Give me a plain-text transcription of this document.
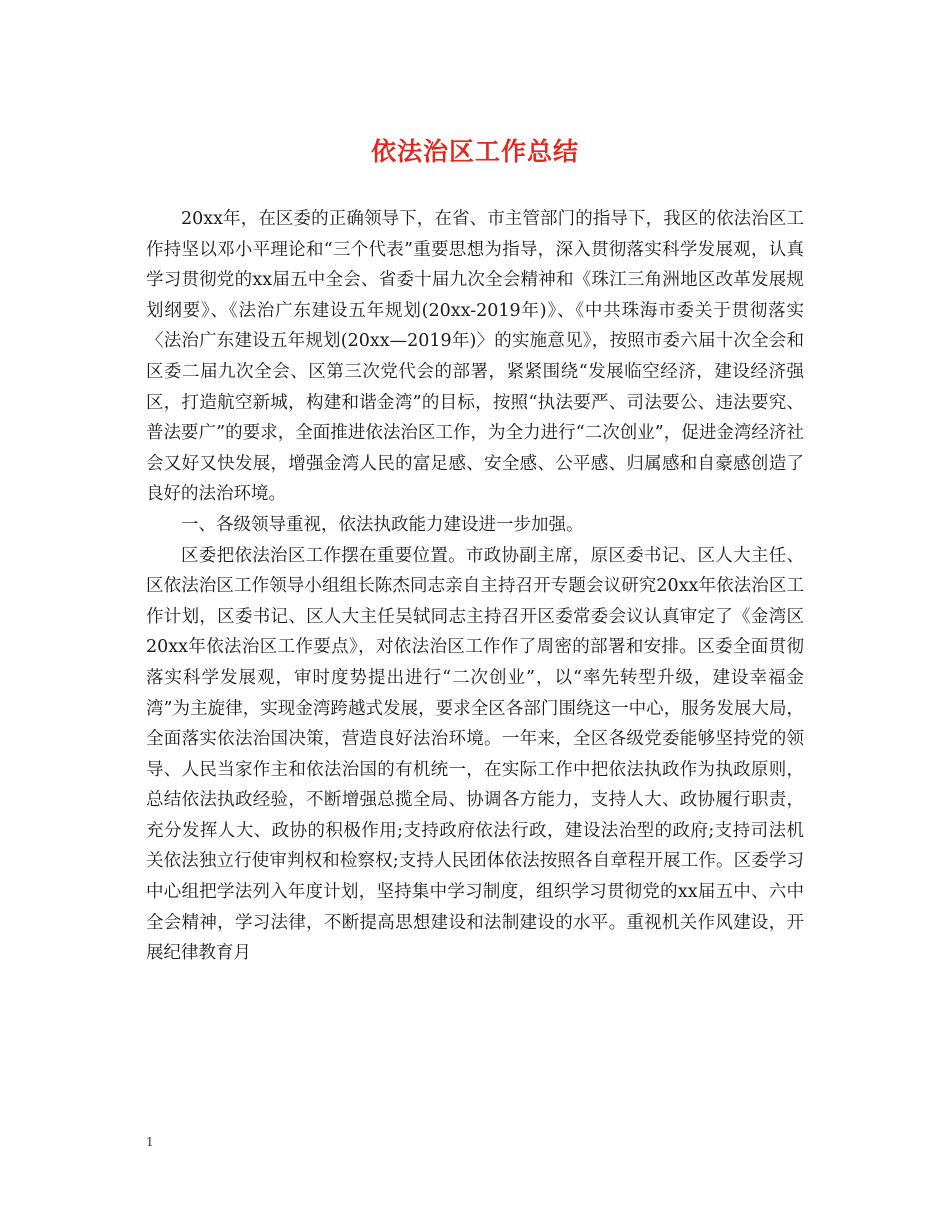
依法治区工作总结

20xx年，在区委的正确领导下，在省、市主管部门的指导下，我区的依法治区工作持坚以邓小平理论和“三个代表”重要思想为指导，深入贯彻落实科学发展观，认真学习贯彻党的xx届五中全会、省委十届九次全会精神和《珠江三角洲地区改革发展规划纲要》、《法治广东建设五年规划(20xx-2019年)》、《中共珠海市委关于贯彻落实〈法治广东建设五年规划(20xx—2019年)〉的实施意见》，按照市委六届十次全会和区委二届九次全会、区第三次党代会的部署，紧紧围绕“发展临空经济，建设经济强区，打造航空新城，构建和谐金湾”的目标，按照“执法要严、司法要公、违法要究、普法要广”的要求，全面推进依法治区工作，为全力进行“二次创业”，促进金湾经济社会又好又快发展，增强金湾人民的富足感、安全感、公平感、归属感和自豪感创造了良好的法治环境。

一、各级领导重视，依法执政能力建设进一步加强。

区委把依法治区工作摆在重要位置。市政协副主席，原区委书记、区人大主任、区依法治区工作领导小组组长陈杰同志亲自主持召开专题会议研究20xx年依法治区工作计划，区委书记、区人大主任吴轼同志主持召开区委常委会议认真审定了《金湾区20xx年依法治区工作要点》，对依法治区工作作了周密的部署和安排。区委全面贯彻落实科学发展观，审时度势提出进行“二次创业”，以“率先转型升级，建设幸福金湾”为主旋律，实现金湾跨越式发展，要求全区各部门围绕这一中心，服务发展大局，全面落实依法治国决策，营造良好法治环境。一年来，全区各级党委能够坚持党的领导、人民当家作主和依法治国的有机统一，在实际工作中把依法执政作为执政原则，总结依法执政经验，不断增强总揽全局、协调各方能力，支持人大、政协履行职责，充分发挥人大、政协的积极作用;支持政府依法行政，建设法治型的政府;支持司法机关依法独立行使审判权和检察权;支持人民团体依法按照各自章程开展工作。区委学习中心组把学法列入年度计划，坚持集中学习制度，组织学习贯彻党的xx届五中、六中全会精神，学习法律，不断提高思想建设和法制建设的水平。重视机关作风建设，开展纪律教育月

1
